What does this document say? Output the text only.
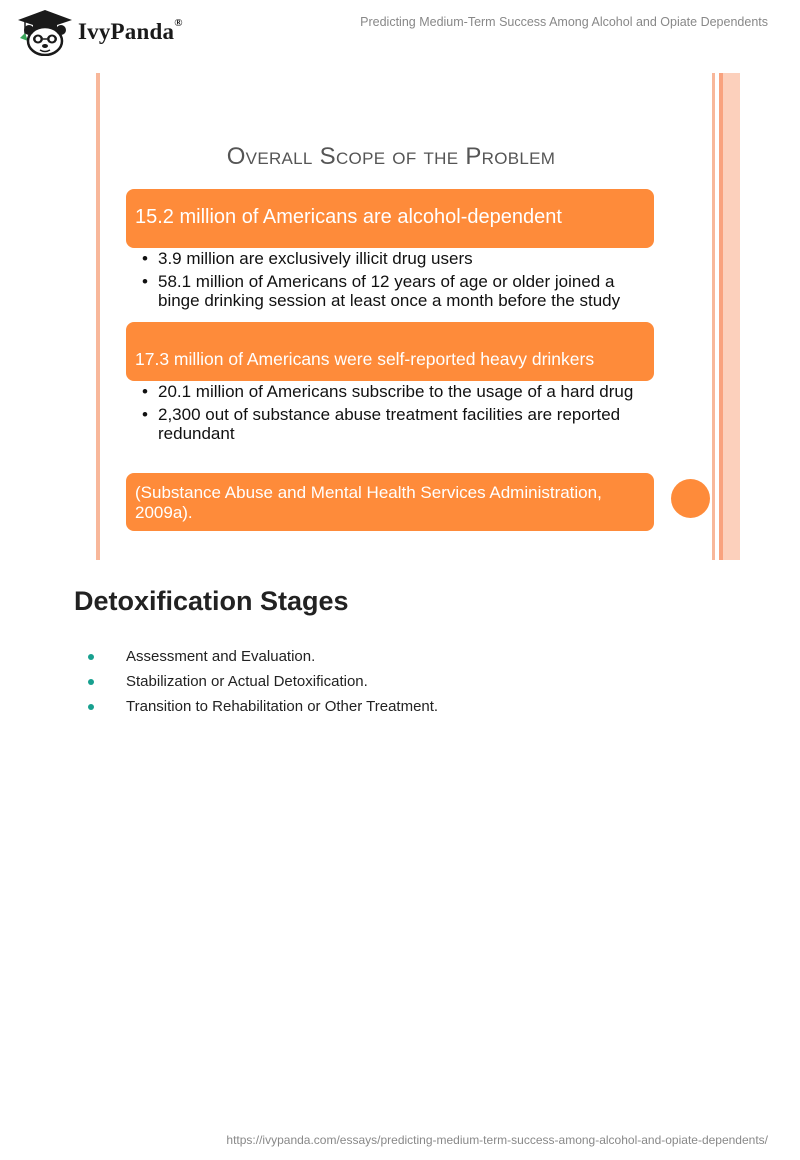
IvyPanda®	Predicting Medium-Term Success Among Alcohol and Opiate Dependents
Overall Scope of the Problem
15.2 million of Americans are alcohol-dependent
• 3.9 million are exclusively illicit drug users
• 58.1 million of Americans of 12 years of age or older joined a binge drinking session at least once a month before the study
17.3 million of Americans were self-reported heavy drinkers
• 20.1 million of Americans subscribe to the usage of a hard drug
• 2,300 out of substance abuse treatment facilities are reported redundant
(Substance Abuse and Mental Health Services Administration, 2009a).
Detoxification Stages
Assessment and Evaluation.
Stabilization or Actual Detoxification.
Transition to Rehabilitation or Other Treatment.
https://ivypanda.com/essays/predicting-medium-term-success-among-alcohol-and-opiate-dependents/
